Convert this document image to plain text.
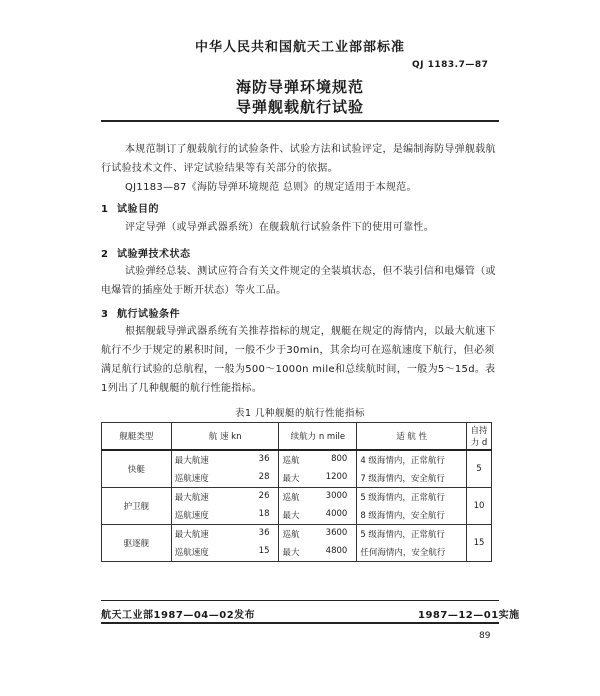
中华人民共和国航天工业部部标准
QJ 1183.7—87
海防导弹环境规范
导弹舰载航行试验
本规范制订了舰载航行的试验条件、试验方法和试验评定，是编制海防导弹舰载航行试验技术文件、评定试验结果等有关部分的依据。
QJ1183—87《海防导弹环境规范 总则》的规定适用于本规范。
1 试验目的
评定导弹（或导弹武器系统）在舰载航行试验条件下的使用可靠性。
2 试验弹技术状态
试验弹经总装、测试应符合有关文件规定的全装填状态，但不装引信和电爆管（或电爆管的插座处于断开状态）等火工品。
3 航行试验条件
根据舰载导弹武器系统有关推荐指标的规定，舰艇在规定的海情内，以最大航速下航行不少于规定的累积时间，一般不少于30min，其余均可在巡航速度下航行，但必须满足航行试验的总航程，一般为500～1000n mile和总续航时间，一般为5～15d。表1列出了几种舰艇的航行性能指标。
表1 几种舰艇的航行性能指标
舰艇类型	航 速 kn	续航力 n mile	适 航 性	自持力 d
快艇	最大航速 36	巡航 800	4 级海情内，正常航行	5
	巡航速度 28	最大 1200	7 级海情内，安全航行	
护卫舰	最大航速 26	巡航 3000	5 级海情内，正常航行	10
	巡航速度 18	最大 4000	8 级海情内，安全航行	
驱逐舰	最大航速 36	巡航 3600	5 级海情内，正常航行	15
	巡航速度 15	最大 4800	任何海情内，安全航行	
航天工业部1987—04—02发布	1987—12—01实施
89
